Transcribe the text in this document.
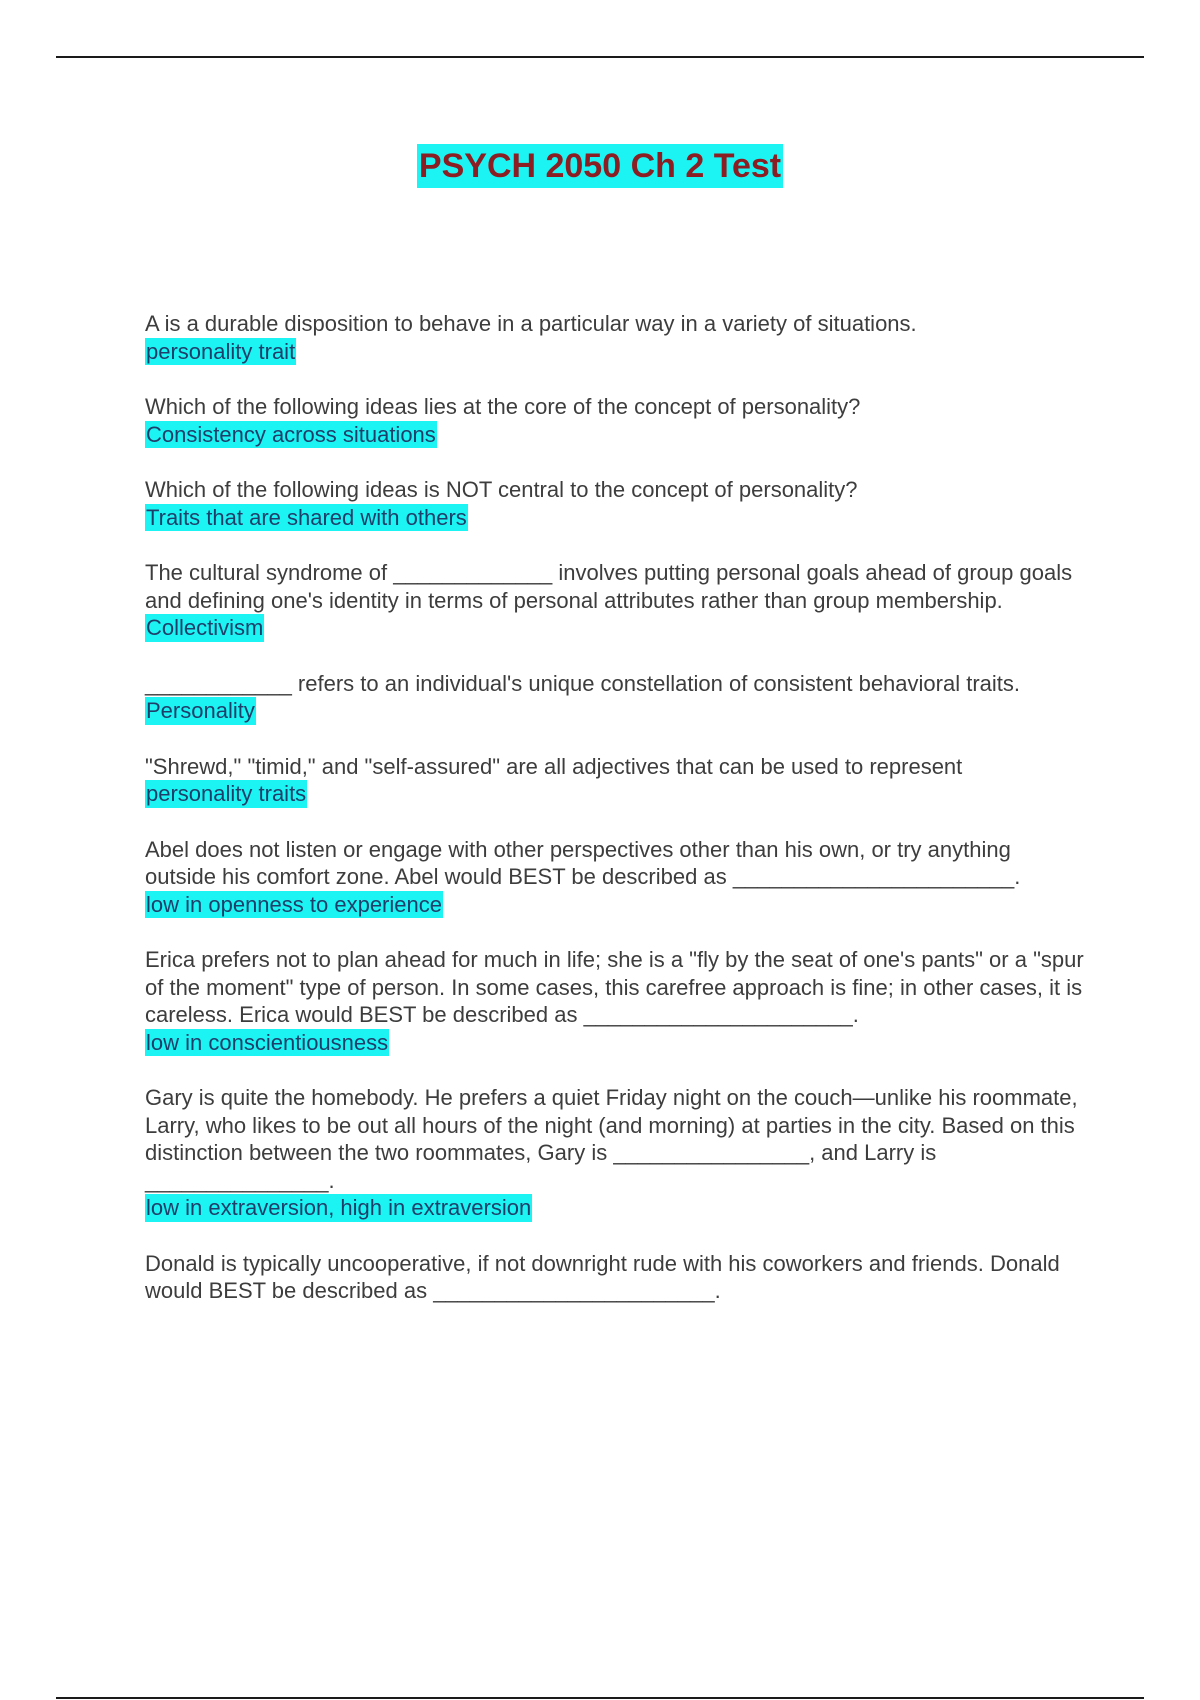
PSYCH 2050 Ch 2 Test

A is a durable disposition to behave in a particular way in a variety of situations.

personality trait

Which of the following ideas lies at the core of the concept of personality?

Consistency across situations

Which of the following ideas is NOT central to the concept of personality?

Traits that are shared with others

The cultural syndrome of _____________ involves putting personal goals ahead of group goals and defining one's identity in terms of personal attributes rather than group membership.

Collectivism

____________ refers to an individual's unique constellation of consistent behavioral traits.

Personality

"Shrewd," "timid," and "self-assured" are all adjectives that can be used to represent

personality traits

Abel does not listen or engage with other perspectives other than his own, or try anything outside his comfort zone. Abel would BEST be described as _______________________.

low in openness to experience

Erica prefers not to plan ahead for much in life; she is a "fly by the seat of one's pants" or a "spur of the moment" type of person. In some cases, this carefree approach is fine; in other cases, it is careless. Erica would BEST be described as ______________________.

low in conscientiousness

Gary is quite the homebody. He prefers a quiet Friday night on the couch—unlike his roommate, Larry, who likes to be out all hours of the night (and morning) at parties in the city. Based on this distinction between the two roommates, Gary is ________________, and Larry is _______________.

low in extraversion, high in extraversion

Donald is typically uncooperative, if not downright rude with his coworkers and friends. Donald would BEST be described as _______________________.
